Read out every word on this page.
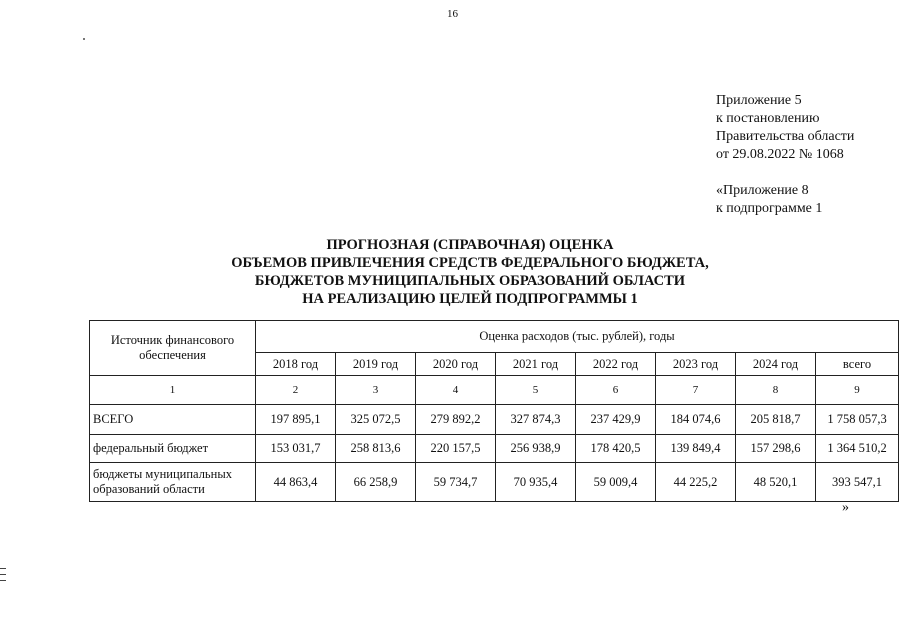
16
Приложение 5
к постановлению
Правительства области
от 29.08.2022 № 1068
«Приложение 8
к подпрограмме 1
ПРОГНОЗНАЯ (СПРАВОЧНАЯ) ОЦЕНКА
ОБЪЕМОВ ПРИВЛЕЧЕНИЯ СРЕДСТВ ФЕДЕРАЛЬНОГО БЮДЖЕТА,
БЮДЖЕТОВ МУНИЦИПАЛЬНЫХ ОБРАЗОВАНИЙ ОБЛАСТИ
НА РЕАЛИЗАЦИЮ ЦЕЛЕЙ ПОДПРОГРАММЫ 1
Источник финансового обеспечения	Оценка расходов (тыс. рублей), годы							
	2018 год	2019 год	2020 год	2021 год	2022 год	2023 год	2024 год	всего
1	2	3	4	5	6	7	8	9
ВСЕГО	197 895,1	325 072,5	279 892,2	327 874,3	237 429,9	184 074,6	205 818,7	1 758 057,3
федеральный бюджет	153 031,7	258 813,6	220 157,5	256 938,9	178 420,5	139 849,4	157 298,6	1 364 510,2
бюджеты муниципальных образований области	44 863,4	66 258,9	59 734,7	70 935,4	59 009,4	44 225,2	48 520,1	393 547,1
»
